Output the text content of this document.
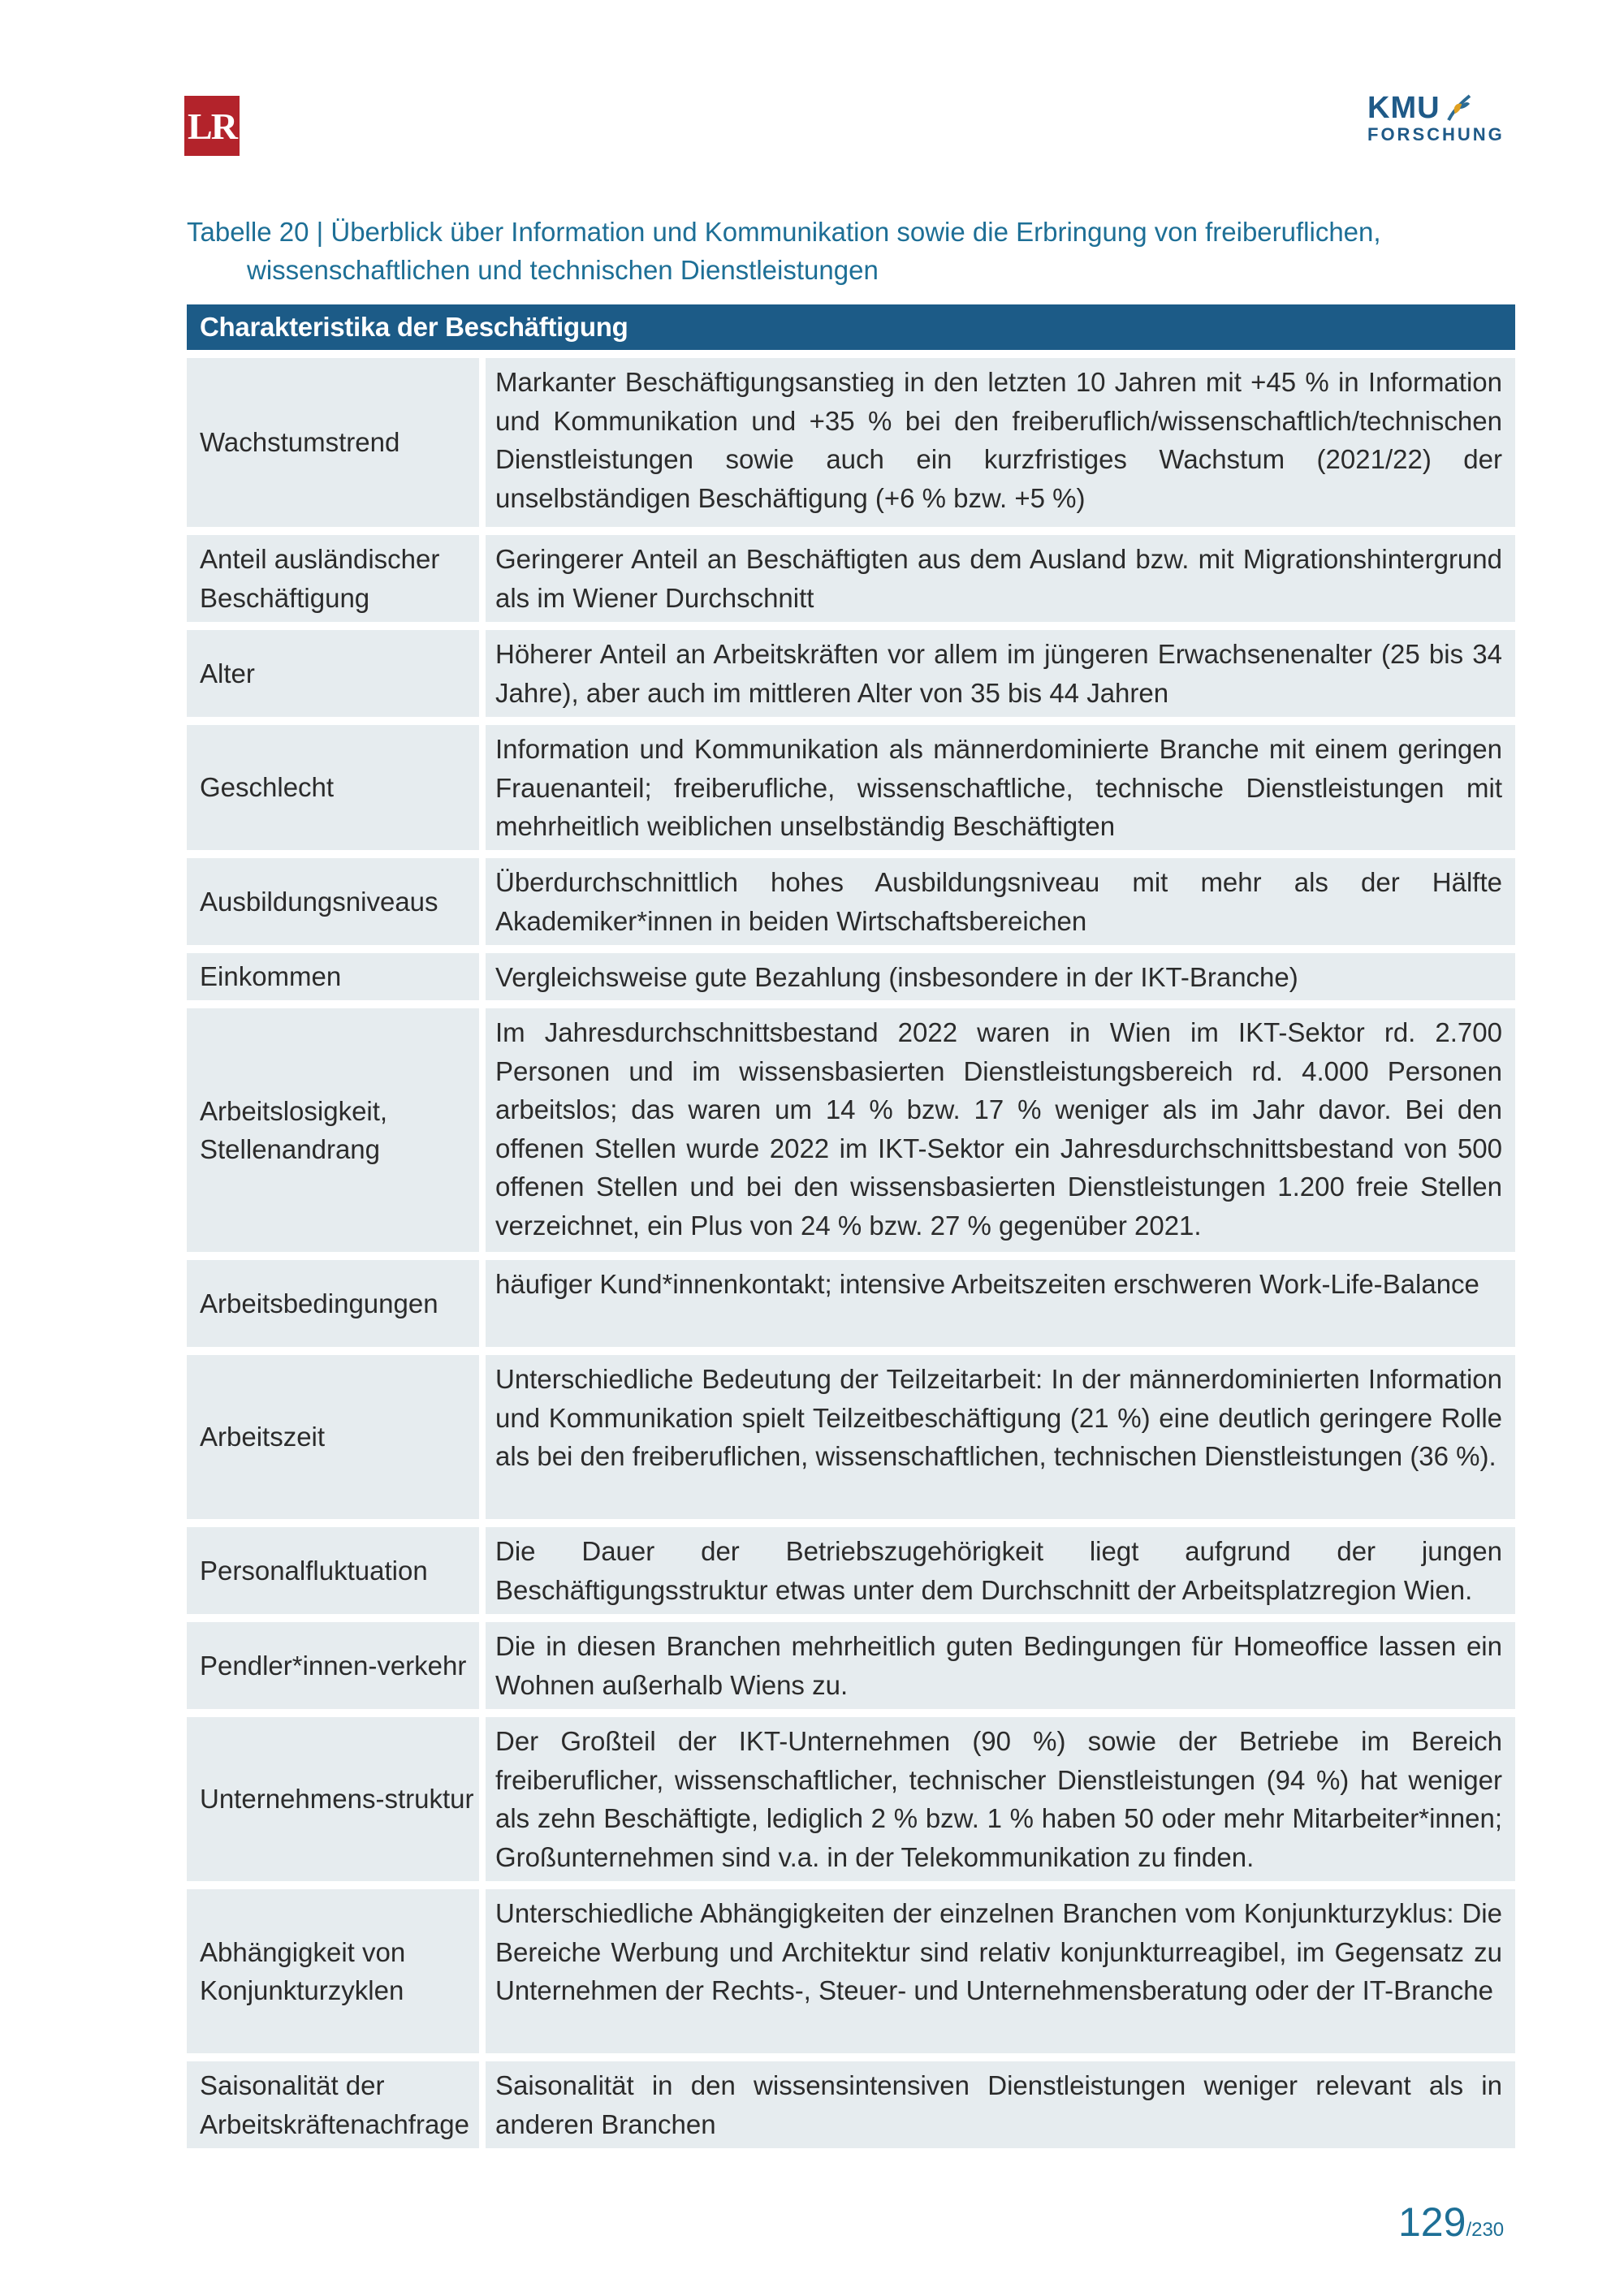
LR	KMU
FORSCHUNG
Tabelle 20 | Überblick über Information und Kommunikation sowie die Erbringung von freiberuflichen,
wissenschaftlichen und technischen Dienstleistungen
Charakteristika der Beschäftigung
Wachstumstrend
Markanter Beschäftigungsanstieg in den letzten 10 Jahren mit +45 % in Information und Kommunikation und +35 % bei den freiberuflich/wissenschaftlich/technischen Dienstleistungen sowie auch ein kurzfristiges Wachstum (2021/22) der unselbständigen Beschäftigung (+6 % bzw. +5 %)
Anteil ausländischer Beschäftigung
Geringerer Anteil an Beschäftigten aus dem Ausland bzw. mit Migrationshintergrund als im Wiener Durchschnitt
Alter
Höherer Anteil an Arbeitskräften vor allem im jüngeren Erwachsenenalter (25 bis 34 Jahre), aber auch im mittleren Alter von 35 bis 44 Jahren
Geschlecht
Information und Kommunikation als männerdominierte Branche mit einem geringen Frauenanteil; freiberufliche, wissenschaftliche, technische Dienstleistungen mit mehrheitlich weiblichen unselbständig Beschäftigten
Ausbildungsniveaus
Überdurchschnittlich hohes Ausbildungsniveau mit mehr als der Hälfte Akademiker*innen in beiden Wirtschaftsbereichen
Einkommen	Vergleichsweise gute Bezahlung (insbesondere in der IKT-Branche)
Arbeitslosigkeit, Stellenandrang
Im Jahresdurchschnittsbestand 2022 waren in Wien im IKT-Sektor rd. 2.700 Personen und im wissensbasierten Dienstleistungsbereich rd. 4.000 Personen arbeitslos; das waren um 14 % bzw. 17 % weniger als im Jahr davor. Bei den offenen Stellen wurde 2022 im IKT-Sektor ein Jahresdurchschnittsbestand von 500 offenen Stellen und bei den wissensbasierten Dienstleistungen 1.200 freie Stellen verzeichnet, ein Plus von 24 % bzw. 27 % gegenüber 2021.
Arbeitsbedingungen
häufiger Kund*innenkontakt; intensive Arbeitszeiten erschweren Work-Life-Balance
Arbeitszeit
Unterschiedliche Bedeutung der Teilzeitarbeit: In der männerdominierten Information und Kommunikation spielt Teilzeitbeschäftigung (21 %) eine deutlich geringere Rolle als bei den freiberuflichen, wissenschaftlichen, technischen Dienstleistungen (36 %).
Personalfluktuation
Die Dauer der Betriebszugehörigkeit liegt aufgrund der jungen Beschäftigungsstruktur etwas unter dem Durchschnitt der Arbeitsplatzregion Wien.
Pendler*innen-verkehr
Die in diesen Branchen mehrheitlich guten Bedingungen für Homeoffice lassen ein Wohnen außerhalb Wiens zu.
Unternehmens-struktur
Der Großteil der IKT-Unternehmen (90 %) sowie der Betriebe im Bereich freiberuflicher, wissenschaftlicher, technischer Dienstleistungen (94 %) hat weniger als zehn Beschäftigte, lediglich 2 % bzw. 1 % haben 50 oder mehr Mitarbeiter*innen; Großunternehmen sind v.a. in der Telekommunikation zu finden.
Abhängigkeit von Konjunkturzyklen
Unterschiedliche Abhängigkeiten der einzelnen Branchen vom Konjunkturzyklus: Die Bereiche Werbung und Architektur sind relativ konjunkturreagibel, im Gegensatz zu Unternehmen der Rechts-, Steuer- und Unternehmensberatung oder der IT-Branche
Saisonalität der Arbeitskräftenachfrage
Saisonalität in den wissensintensiven Dienstleistungen weniger relevant als in anderen Branchen
129/230
